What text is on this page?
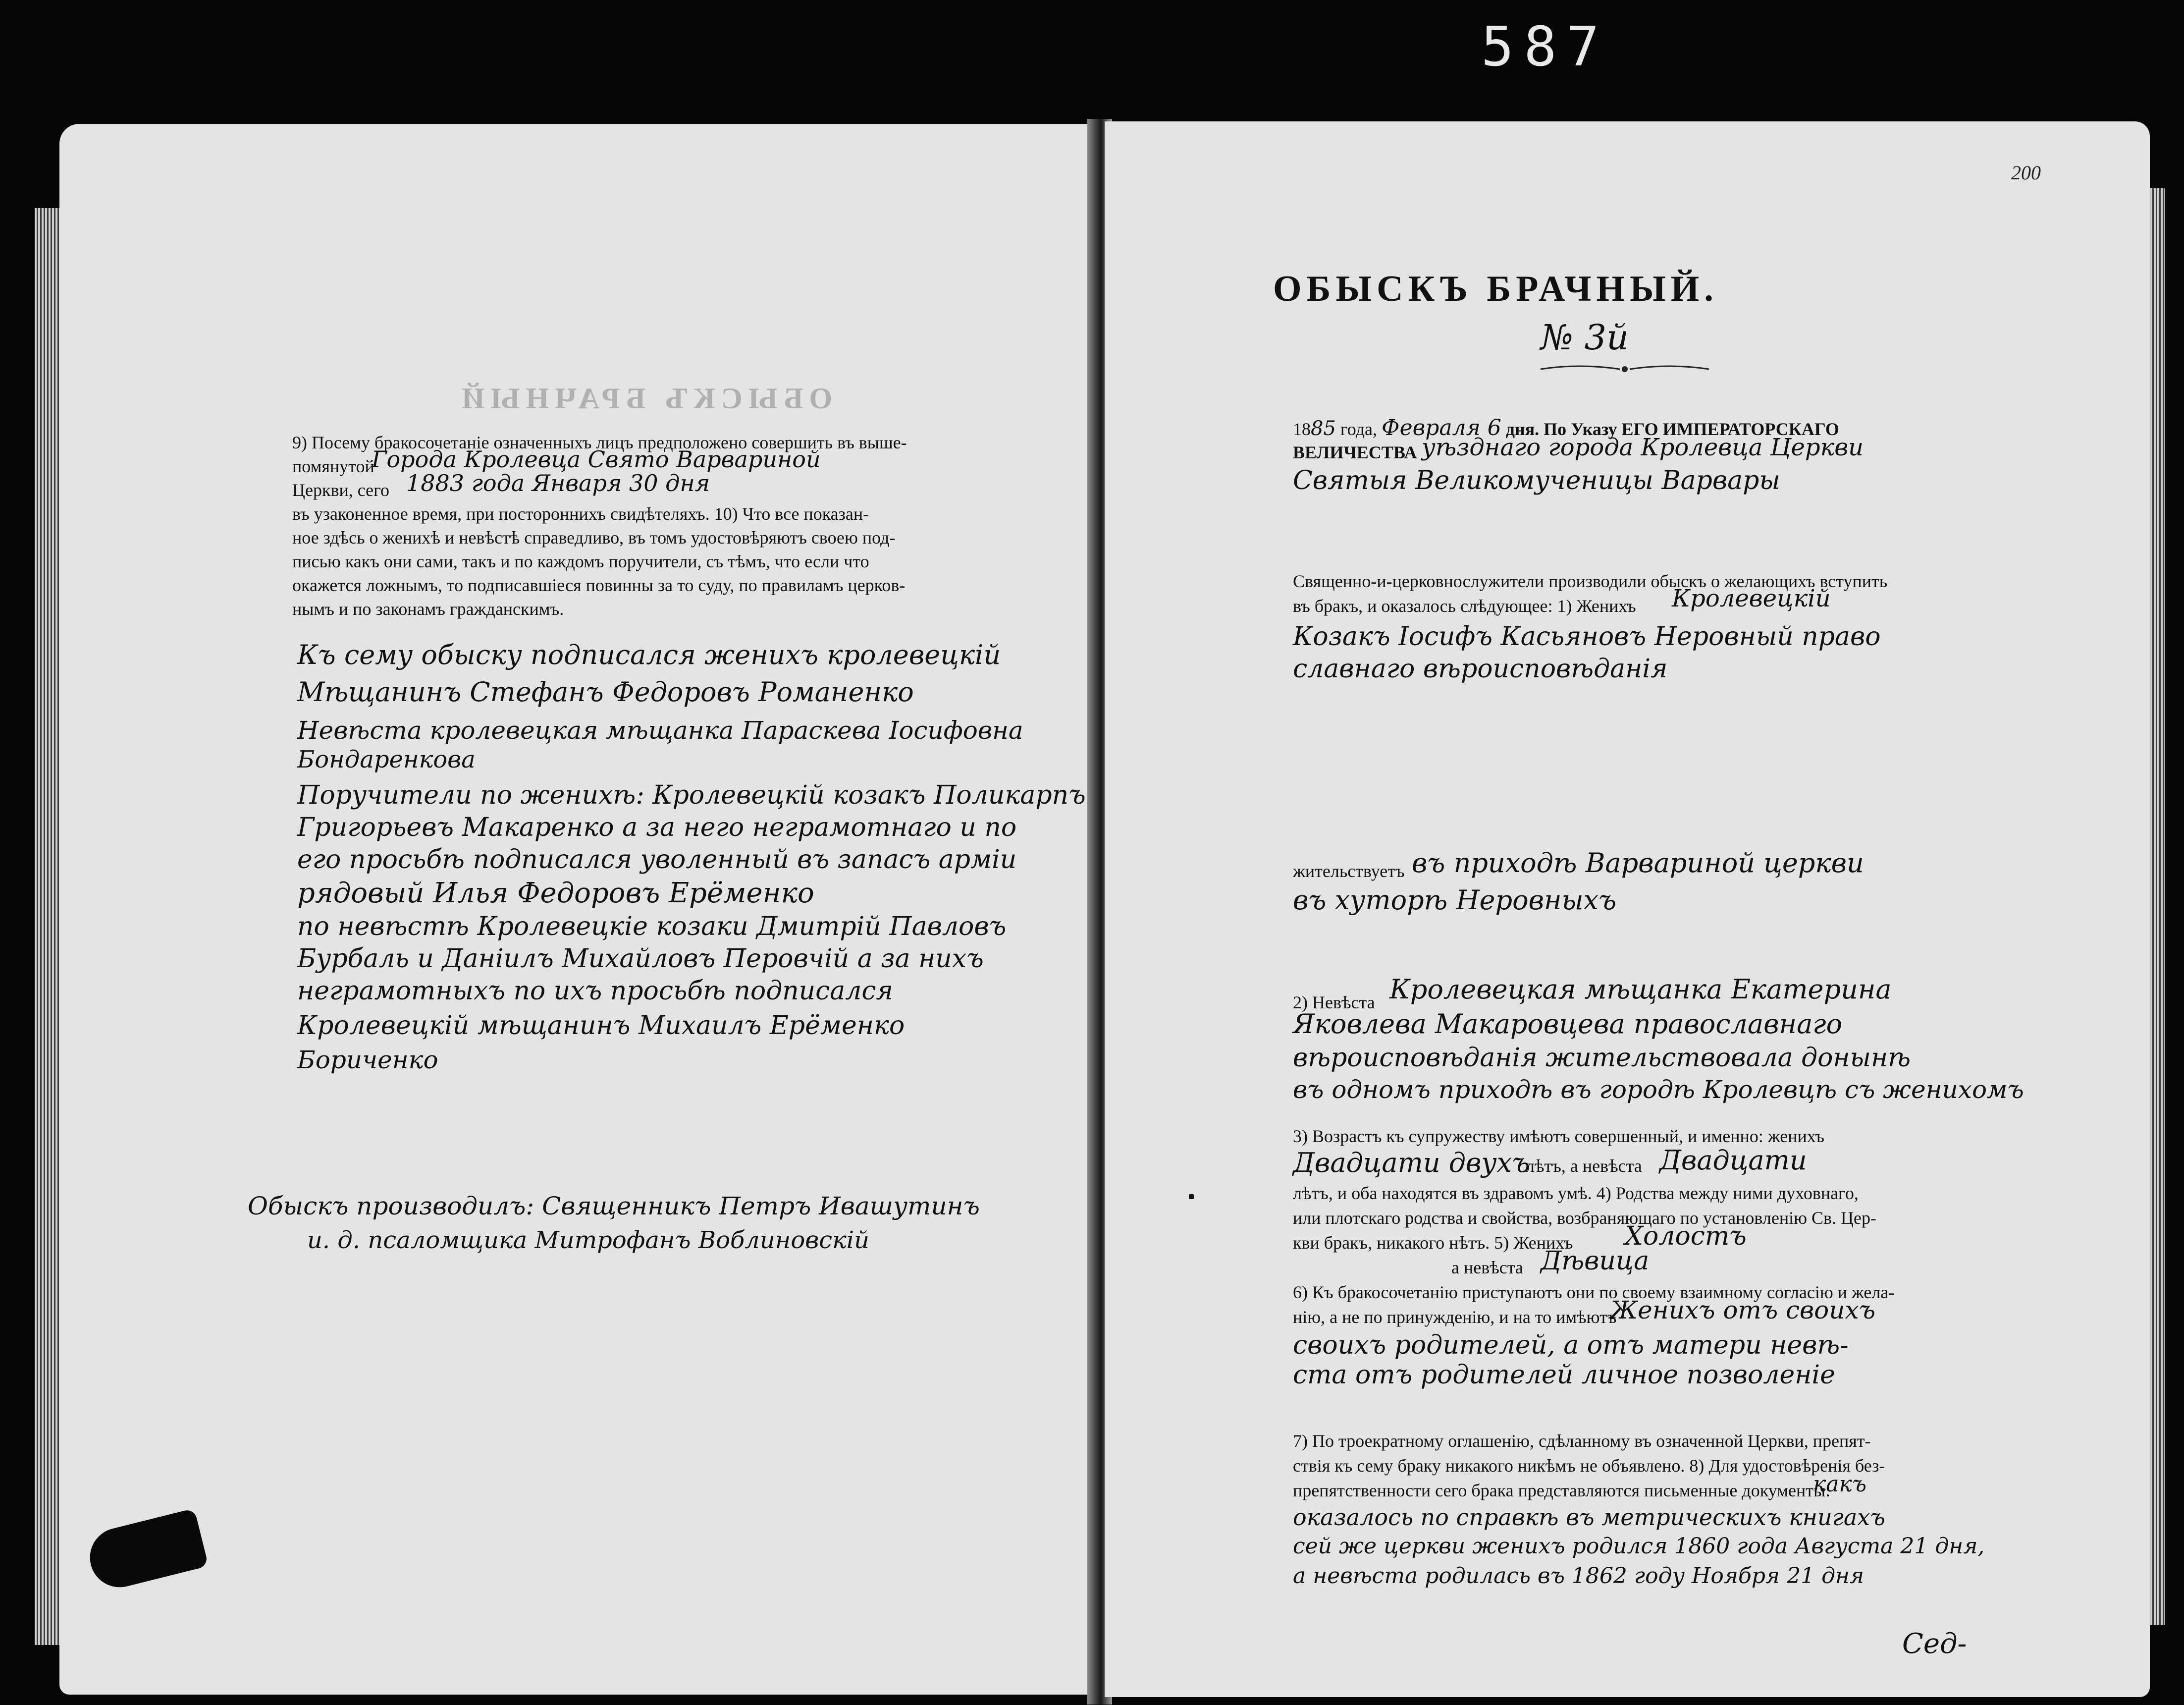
587
ОБЫСКЪ БРАЧНЫЙ
9) Посему бракосочетаніе означенныхъ лицъ предположено совершить въ выше-
помянутой
Города Кролевца Свято Варвариной
Церкви, сего 1883 года Января 30 дня
въ узаконенное время, при постороннихъ свидѣтеляхъ. 10) Что все показан-
ное здѣсь о женихѣ и невѣстѣ справедливо, въ томъ удостовѣряютъ своею под-
писью какъ они сами, такъ и по каждомъ поручители, съ тѣмъ, что если что
окажется ложнымъ, то подписавшіеся повинны за то суду, по правиламъ церков-
нымъ и по законамъ гражданскимъ.
Къ сему обыску подписался женихъ кролевецкій
Мѣщанинъ Стефанъ Федоровъ Романенко
Невѣста кролевецкая мѣщанка Параскева Іосифовна
Бондаренкова
Поручители по женихѣ: Кролевецкій козакъ Поликарпъ
Григорьевъ Макаренко а за него неграмотнаго и по
его просьбѣ подписался уволенный въ запасъ арміи
рядовый Илья Федоровъ Ерёменко
по невѣстѣ Кролевецкіе козаки Дмитрій Павловъ
Бурбаль и Даніилъ Михайловъ Перовчій а за нихъ
неграмотныхъ по ихъ просьбѣ подписался
Кролевецкій мѣщанинъ Михаилъ Ерёменко
Бориченко
Обыскъ производилъ: Священникъ Петръ Ивашутинъ
и. д. псаломщика Митрофанъ Воблиновскій
200
ОБЫСКЪ БРАЧНЫЙ.
№ 3й
1885 года, Февраля 6 дня. По Указу ЕГО ИМПЕРАТОРСКАГО
ВЕЛИЧЕСТВА уѣзднаго города Кролевца Церкви
Святыя Великомученицы Варвары
Священно-и-церковнослужители производили обыскъ о желающихъ вступить
въ бракъ, и оказалось слѣдующее: 1) Женихъ Кролевецкій
Козакъ Іосифъ Касьяновъ Неровный право
славнаго вѣроисповѣданія
жительствуетъ въ приходѣ Варвариной церкви
въ хуторѣ Неровныхъ
2) Невѣста Кролевецкая мѣщанка Екатерина
Яковлева Макаровцева православнаго
вѣроисповѣданія жительствовала донынѣ
въ одномъ приходѣ въ городѣ Кролевцѣ съ женихомъ
3) Возрастъ къ супружеству имѣютъ совершенный, и именно: женихъ
Двадцати двухъ
лѣтъ, а невѣста Двадцати
лѣтъ, и оба находятся въ здравомъ умѣ. 4) Родства между ними духовнаго,
или плотскаго родства и свойства, возбраняющаго по установленію Св. Цер-
кви бракъ, никакого нѣтъ. 5) Женихъ Холостъ
а невѣста Дѣвица
6) Къ бракосочетанію приступаютъ они по своему взаимному согласію и жела-
нію, а не по принужденію, и на то имѣютъ
Женихъ отъ своихъ
своихъ родителей, а отъ матери невѣ-
ста отъ родителей личное позволеніе
7) По троекратному оглашенію, сдѣланному въ означенной Церкви, препят-
ствія къ сему браку никакого никѣмъ не объявлено. 8) Для удостовѣренія без-
препятственности сего брака представляются письменные документы:
какъ
оказалось по справкѣ въ метрическихъ книгахъ
сей же церкви женихъ родился 1860 года Августа 21 дня,
а невѣста родилась въ 1862 году Ноября 21 дня
Сед-
